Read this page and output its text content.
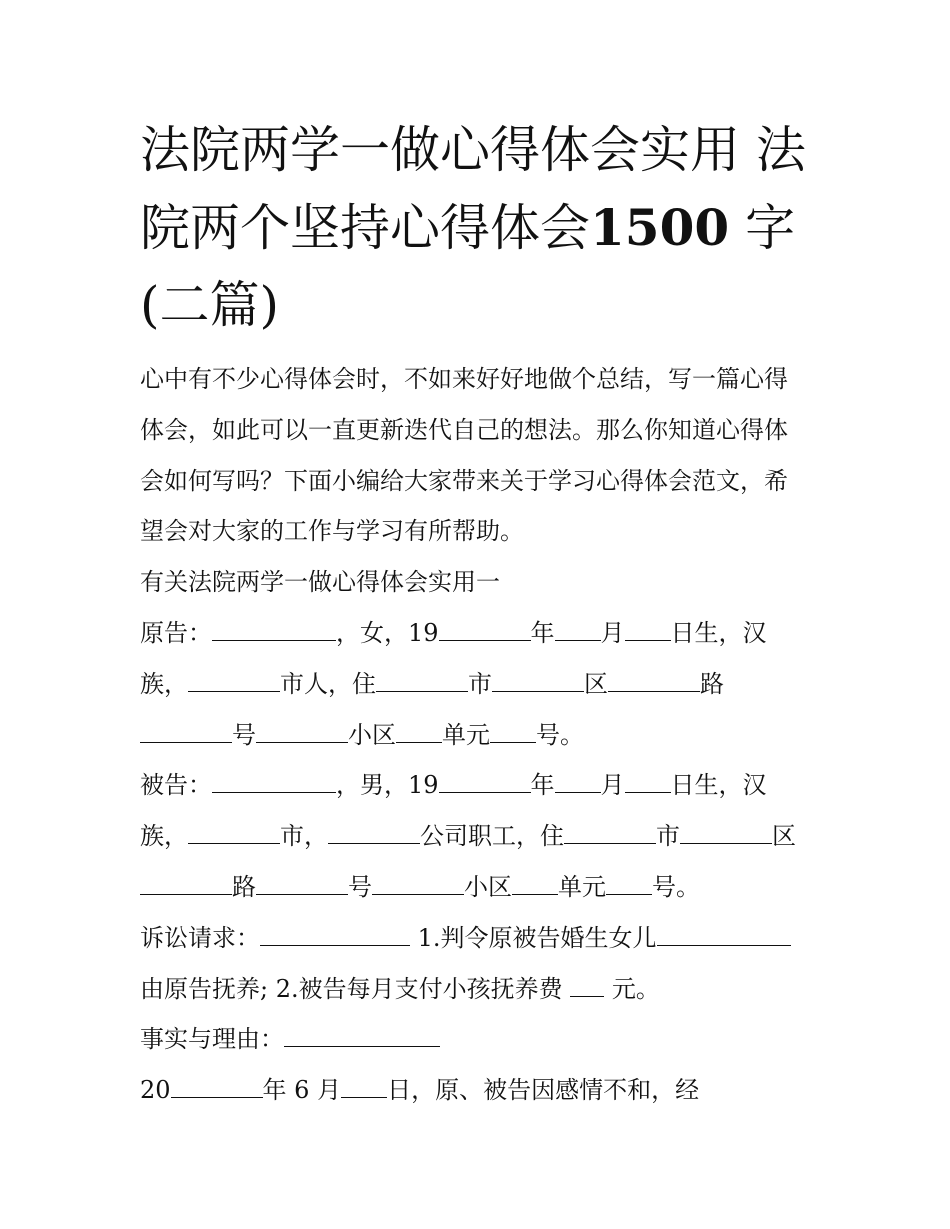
法院两学一做心得体会实用 法
院两个坚持心得体会1500 字
(二篇)
心中有不少心得体会时，不如来好好地做个总结，写一篇心得
体会，如此可以一直更新迭代自己的想法。那么你知道心得体
会如何写吗？下面小编给大家带来关于学习心得体会范文，希
望会对大家的工作与学习有所帮助。
有关法院两学一做心得体会实用一
原告：	，女，19	年 月 日生，汉
族，	市人，住	市	区	路
号	小区 单元 号。
被告：	，男，19	年 月 日生，汉
族，	市，	公司职工，住	市	区
路	号	小区 单元 号。
诉讼请求：	1.判令原被告婚生女儿
由原告抚养; 2.被告每月支付小孩抚养费  元。
事实与理由：
20	年 6 月 日，原、被告因感情不和，经
